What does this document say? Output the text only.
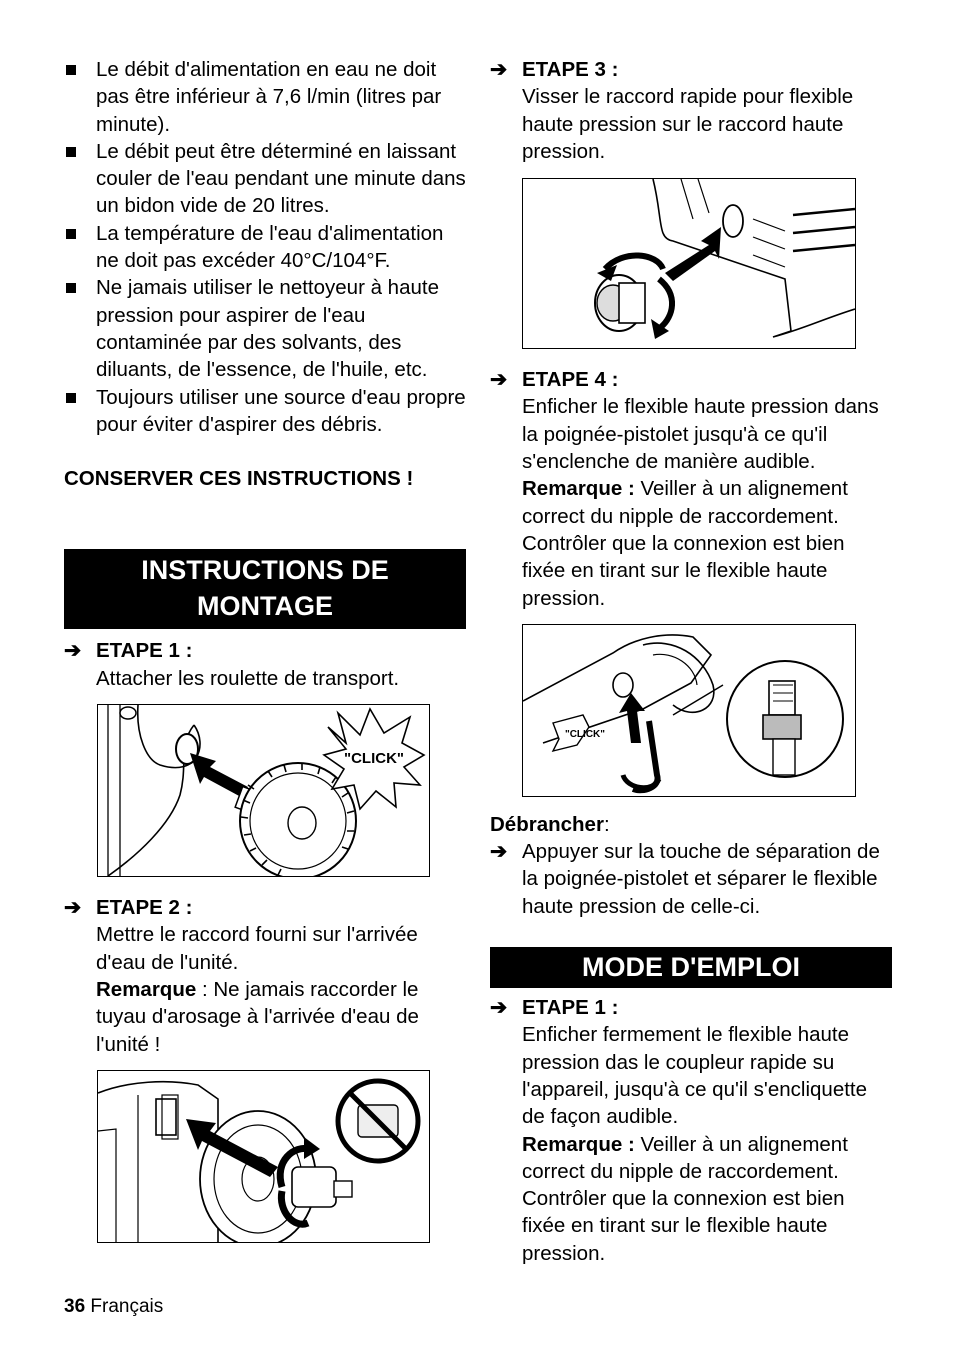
Le débit d'alimentation en eau ne doit pas être inférieur à 7,6 l/min (litres par minute).
Le débit peut être déterminé en laissant couler de l'eau pendant une minute dans un bidon vide de 20 litres.
La température de l'eau d'alimentation ne doit pas excéder 40°C/104°F.
Ne jamais utiliser le nettoyeur à haute pression pour aspirer de l'eau contaminée par des solvants, des diluants, de l'essence, de l'huile, etc.
Toujours utiliser une source d'eau propre pour éviter d'aspirer des débris.
CONSERVER CES INSTRUCTIONS !
INSTRUCTIONS DE
MONTAGE
➔ ETAPE 1 :
Attacher les roulette de transport.
"CLICK"
➔ ETAPE 2 :
Mettre le raccord fourni sur l'arrivée d'eau de l'unité.
Remarque : Ne jamais raccorder le tuyau d'arosage à l'arrivée d'eau de l'unité !
➔ ETAPE 3 :
Visser le raccord rapide pour flexible haute pression sur le raccord haute pression.
➔ ETAPE 4 :
Enficher le flexible haute pression dans la poignée-pistolet jusqu'à ce qu'il s'enclenche de manière audible.
Remarque : Veiller à un alignement correct du nipple de raccordement. Contrôler que la connexion est bien fixée en tirant sur le flexible haute pression.
"CLICK"
Débrancher:
➔ Appuyer sur la touche de séparation de la poignée-pistolet et séparer le flexible haute pression de celle-ci.
MODE D'EMPLOI
➔ ETAPE 1 :
Enficher fermement le flexible haute pression das le coupleur rapide su l'appareil, jusqu'à ce qu'il s'encliquette de façon audible.
Remarque : Veiller à un alignement correct du nipple de raccordement. Contrôler que la connexion est bien fixée en tirant sur le flexible haute pression.
36 Français
